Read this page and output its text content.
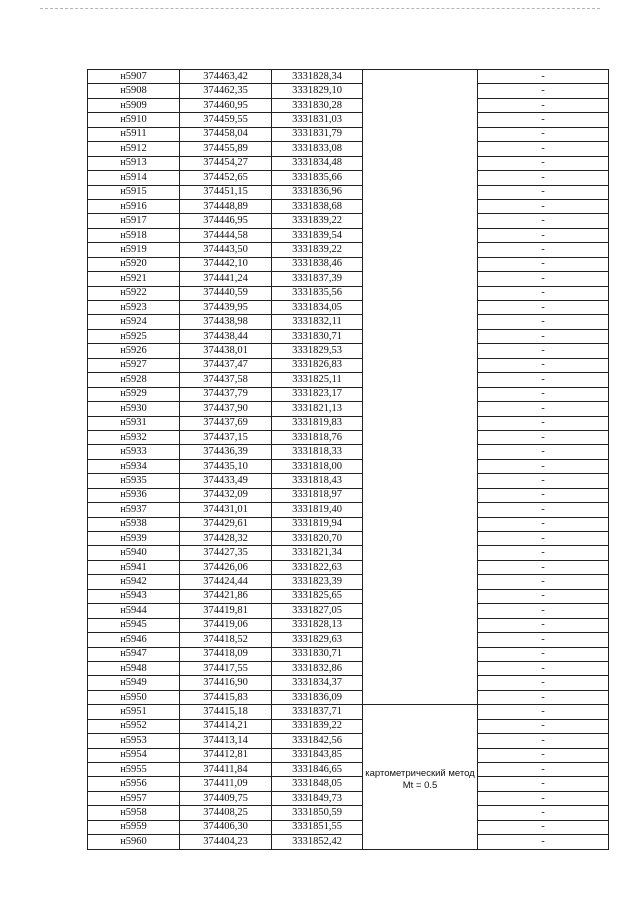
н5907	374463,42	3331828,34		-
н5908	374462,35	3331829,10		-
н5909	374460,95	3331830,28		-
н5910	374459,55	3331831,03		-
н5911	374458,04	3331831,79		-
н5912	374455,89	3331833,08		-
н5913	374454,27	3331834,48		-
н5914	374452,65	3331835,66		-
н5915	374451,15	3331836,96		-
н5916	374448,89	3331838,68		-
н5917	374446,95	3331839,22		-
н5918	374444,58	3331839,54		-
н5919	374443,50	3331839,22		-
н5920	374442,10	3331838,46		-
н5921	374441,24	3331837,39		-
н5922	374440,59	3331835,56		-
н5923	374439,95	3331834,05		-
н5924	374438,98	3331832,11		-
н5925	374438,44	3331830,71		-
н5926	374438,01	3331829,53		-
н5927	374437,47	3331826,83		-
н5928	374437,58	3331825,11		-
н5929	374437,79	3331823,17		-
н5930	374437,90	3331821,13		-
н5931	374437,69	3331819,83		-
н5932	374437,15	3331818,76		-
н5933	374436,39	3331818,33		-
н5934	374435,10	3331818,00		-
н5935	374433,49	3331818,43		-
н5936	374432,09	3331818,97		-
н5937	374431,01	3331819,40		-
н5938	374429,61	3331819,94		-
н5939	374428,32	3331820,70		-
н5940	374427,35	3331821,34		-
н5941	374426,06	3331822,63		-
н5942	374424,44	3331823,39		-
н5943	374421,86	3331825,65		-
н5944	374419,81	3331827,05		-
н5945	374419,06	3331828,13		-
н5946	374418,52	3331829,63		-
н5947	374418,09	3331830,71		-
н5948	374417,55	3331832,86		-
н5949	374416,90	3331834,37		-
н5950	374415,83	3331836,09		-
н5951	374415,18	3331837,71	картометрический метод Mt = 0.5	-
н5952	374414,21	3331839,22		-
н5953	374413,14	3331842,56		-
н5954	374412,81	3331843,85		-
н5955	374411,84	3331846,65		-
н5956	374411,09	3331848,05		-
н5957	374409,75	3331849,73		-
н5958	374408,25	3331850,59		-
н5959	374406,30	3331851,55		-
н5960	374404,23	3331852,42		-
